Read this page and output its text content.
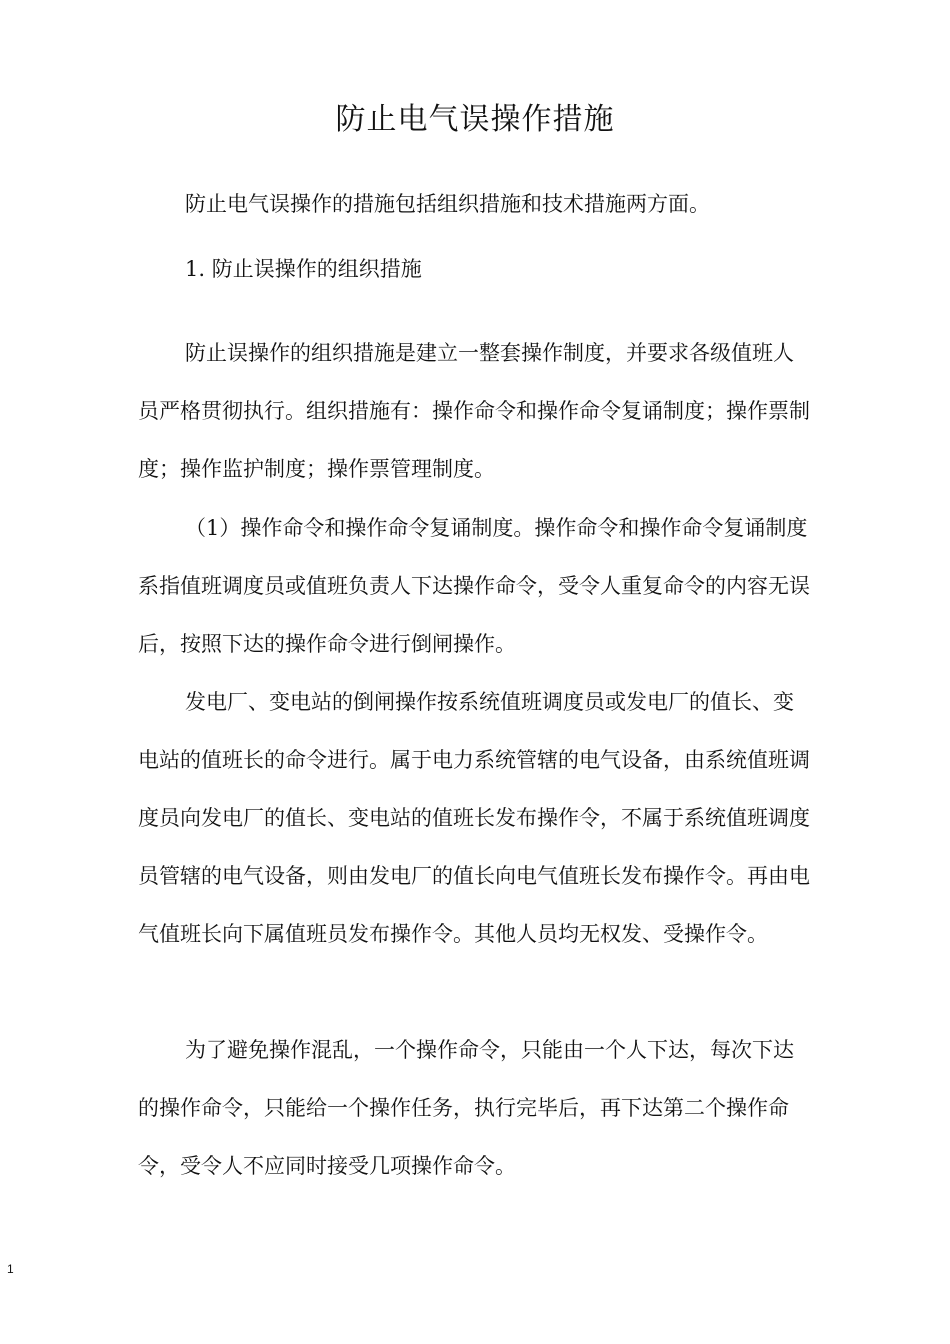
防止电气误操作措施

防止电气误操作的措施包括组织措施和技术措施两方面。

1. 防止误操作的组织措施

防止误操作的组织措施是建立一整套操作制度，并要求各级值班人员严格贯彻执行。组织措施有：操作命令和操作命令复诵制度；操作票制度；操作监护制度；操作票管理制度。

（1）操作命令和操作命令复诵制度。操作命令和操作命令复诵制度系指值班调度员或值班负责人下达操作命令，受令人重复命令的内容无误后，按照下达的操作命令进行倒闸操作。

发电厂、变电站的倒闸操作按系统值班调度员或发电厂的值长、变电站的值班长的命令进行。属于电力系统管辖的电气设备，由系统值班调度员向发电厂的值长、变电站的值班长发布操作令，不属于系统值班调度员管辖的电气设备，则由发电厂的值长向电气值班长发布操作令。再由电气值班长向下属值班员发布操作令。其他人员均无权发、受操作令。

为了避免操作混乱，一个操作命令，只能由一个人下达，每次下达的操作命令，只能给一个操作任务，执行完毕后，再下达第二个操作命令，受令人不应同时接受几项操作命令。

1
